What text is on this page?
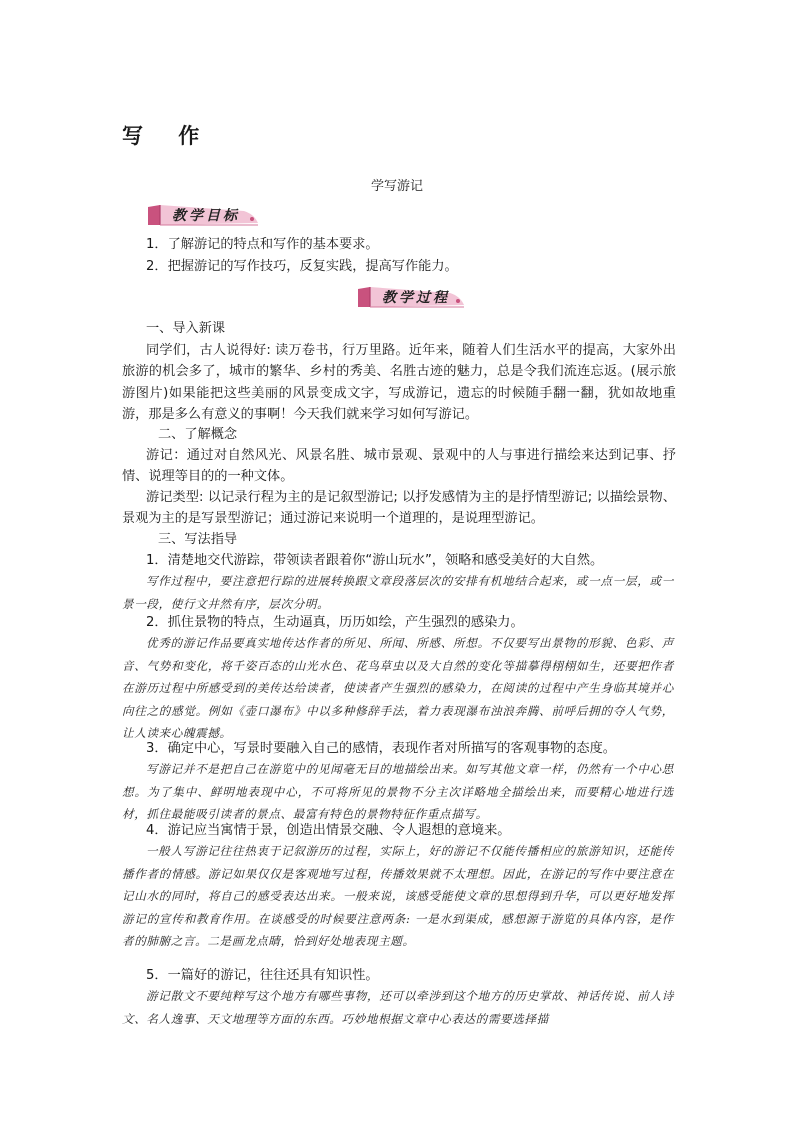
写 作
学写游记
教学目标
1．了解游记的特点和写作的基本要求。
2．把握游记的写作技巧，反复实践，提高写作能力。
教学过程
一、导入新课
同学们，古人说得好: 读万卷书，行万里路。近年来，随着人们生活水平的提高，大家外出旅游的机会多了，城市的繁华、乡村的秀美、名胜古迹的魅力，总是令我们流连忘返。(展示旅游图片)如果能把这些美丽的风景变成文字，写成游记，遗忘的时候随手翻一翻，犹如故地重游，那是多么有意义的事啊！今天我们就来学习如何写游记。
二、了解概念
游记：通过对自然风光、风景名胜、城市景观、景观中的人与事进行描绘来达到记事、抒情、说理等目的的一种文体。
游记类型: 以记录行程为主的是记叙型游记; 以抒发感情为主的是抒情型游记; 以描绘景物、景观为主的是写景型游记；通过游记来说明一个道理的，是说理型游记。
三、写法指导
1．清楚地交代游踪，带领读者跟着你“游山玩水”，领略和感受美好的大自然。
写作过程中，要注意把行踪的进展转换跟文章段落层次的安排有机地结合起来，或一点一层，或一景一段，使行文井然有序，层次分明。
2．抓住景物的特点，生动逼真，历历如绘，产生强烈的感染力。
优秀的游记作品要真实地传达作者的所见、所闻、所感、所想。不仅要写出景物的形貌、色彩、声音、气势和变化，将千姿百态的山光水色、花鸟草虫以及大自然的变化等描摹得栩栩如生，还要把作者在游历过程中所感受到的美传达给读者，使读者产生强烈的感染力，在阅读的过程中产生身临其境并心向往之的感觉。例如《壶口瀑布》中以多种修辞手法，着力表现瀑布浊浪奔腾、前呼后拥的夺人气势，让人读来心魄震撼。
3．确定中心，写景时要融入自己的感情，表现作者对所描写的客观事物的态度。
写游记并不是把自己在游览中的见闻毫无目的地描绘出来。如写其他文章一样，仍然有一个中心思想。为了集中、鲜明地表现中心，不可将所见的景物不分主次详略地全描绘出来，而要精心地进行选材，抓住最能吸引读者的景点、最富有特色的景物特征作重点描写。
4．游记应当寓情于景，创造出情景交融、令人遐想的意境来。
一般人写游记往往热衷于记叙游历的过程，实际上，好的游记不仅能传播相应的旅游知识，还能传播作者的情感。游记如果仅仅是客观地写过程，传播效果就不太理想。因此，在游记的写作中要注意在记山水的同时，将自己的感受表达出来。一般来说，该感受能使文章的思想得到升华，可以更好地发挥游记的宣传和教育作用。在谈感受的时候要注意两条: 一是水到渠成，感想源于游览的具体内容，是作者的肺腑之言。二是画龙点睛，恰到好处地表现主题。
5．一篇好的游记，往往还具有知识性。
游记散文不要纯粹写这个地方有哪些事物，还可以牵涉到这个地方的历史掌故、神话传说、前人诗文、名人逸事、天文地理等方面的东西。巧妙地根据文章中心表达的需要选择描
